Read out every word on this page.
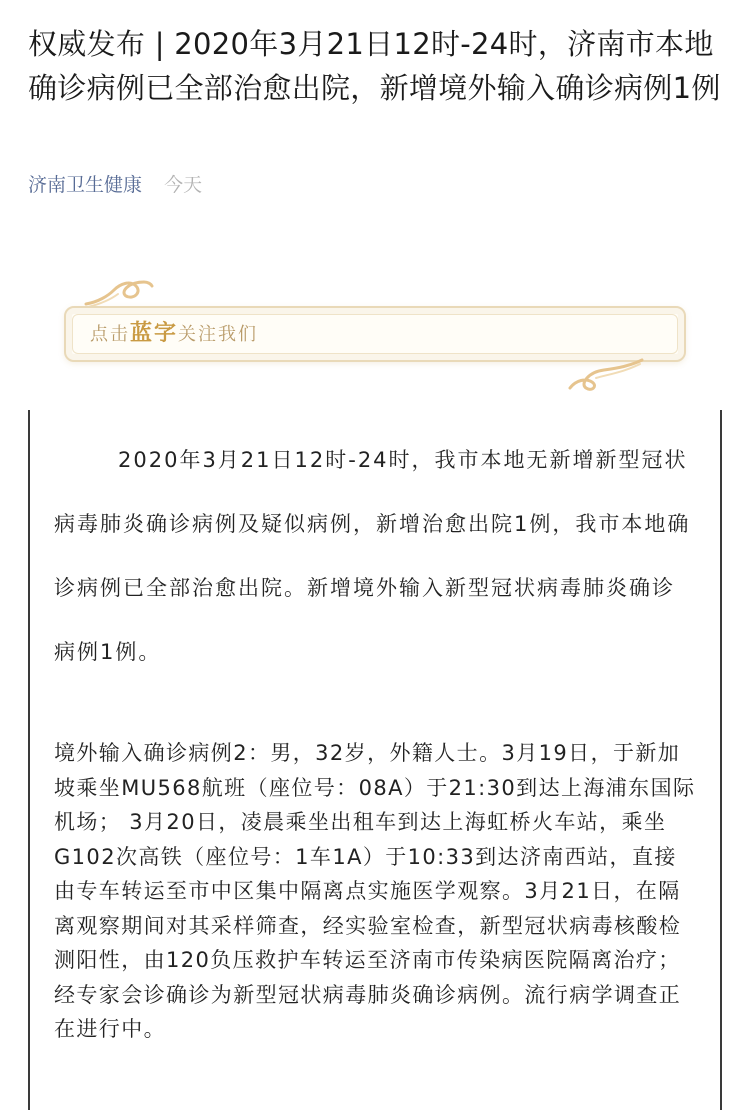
权威发布 | 2020年3月21日12时-24时，济南市本地确诊病例已全部治愈出院，新增境外输入确诊病例1例
济南卫生健康 今天
点击蓝字关注我们

2020年3月21日12时-24时，我市本地无新增新型冠状病毒肺炎确诊病例及疑似病例，新增治愈出院1例，我市本地确诊病例已全部治愈出院。新增境外输入新型冠状病毒肺炎确诊病例1例。

境外输入确诊病例2：男，32岁，外籍人士。3月19日，于新加坡乘坐MU568航班（座位号：08A）于21:30到达上海浦东国际机场； 3月20日，凌晨乘坐出租车到达上海虹桥火车站，乘坐G102次高铁（座位号：1车1A）于10:33到达济南西站，直接由专车转运至市中区集中隔离点实施医学观察。3月21日，在隔离观察期间对其采样筛查，经实验室检查，新型冠状病毒核酸检测阳性，由120负压救护车转运至济南市传染病医院隔离治疗；经专家会诊确诊为新型冠状病毒肺炎确诊病例。流行病学调查正在进行中。
